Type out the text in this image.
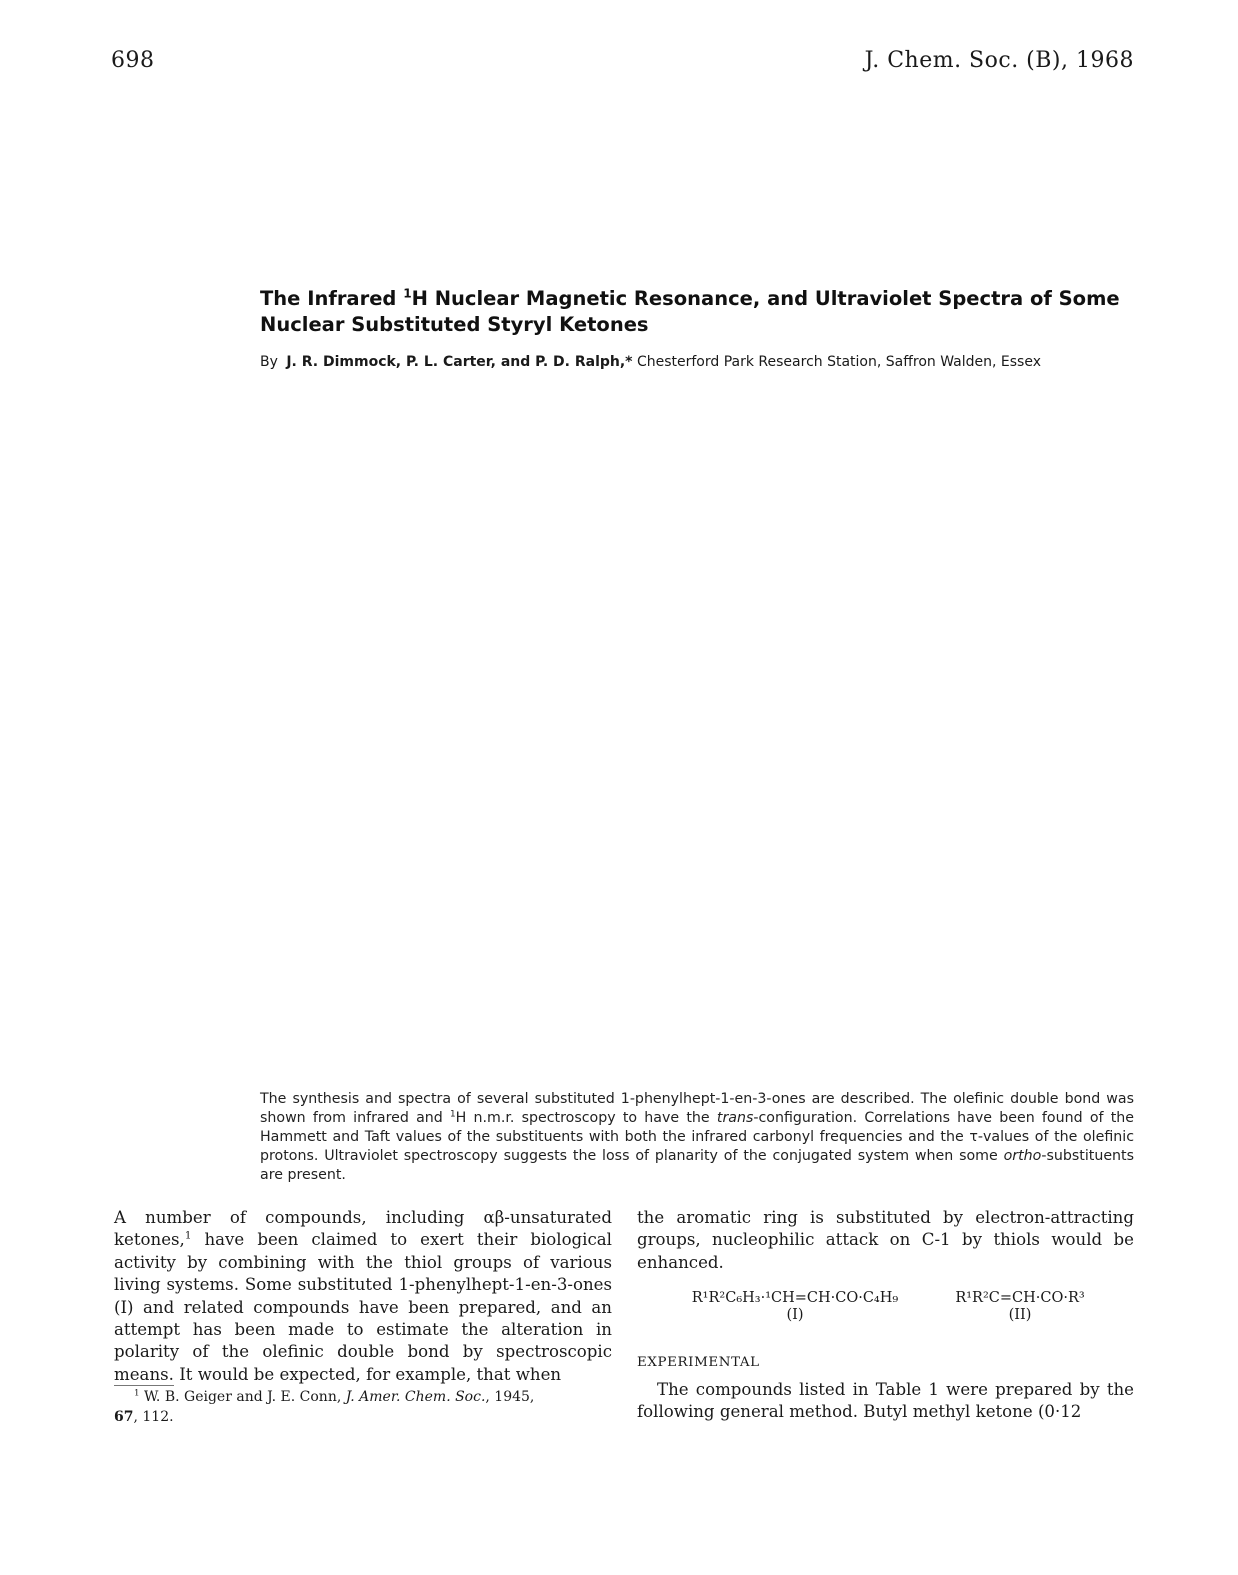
698	J. Chem. Soc. (B), 1968
The Infrared $^1$H Nuclear Magnetic Resonance, and Ultraviolet Spectra of Some Nuclear Substituted Styryl Ketones
By J. R. Dimmock, P. L. Carter, and P. D. Ralph,* Chesterford Park Research Station, Saffron Walden, Essex
The synthesis and spectra of several substituted 1-phenylhept-1-en-3-ones are described. The olefinic double bond was shown from infrared and $^1$H n.m.r. spectroscopy to have the trans-configuration. Correlations have been found of the Hammett and Taft values of the substituents with both the infrared carbonyl frequencies and the τ-values of the olefinic protons. Ultraviolet spectroscopy suggests the loss of planarity of the conjugated system when some ortho-substituents are present.
A number of compounds, including αβ-unsaturated ketones,$^1$ have been claimed to exert their biological activity by combining with the thiol groups of various living systems. Some substituted 1-phenylhept-1-en-3-ones (I) and related compounds have been prepared, and an attempt has been made to estimate the alteration in polarity of the olefinic double bond by spectroscopic means. It would be expected, for example, that when
$^1$ W. B. Geiger and J. E. Conn, J. Amer. Chem. Soc., 1945,
67, 112.
the aromatic ring is substituted by electron-attracting groups, nucleophilic attack on C-1 by thiols would be enhanced.
R¹R²C₆H₃·¹CH=CH·CO·C₄H₉
(I)
R¹R²C=CH·CO·R³
(II)
EXPERIMENTAL
The compounds listed in Table 1 were prepared by the following general method. Butyl methyl ketone (0·12
